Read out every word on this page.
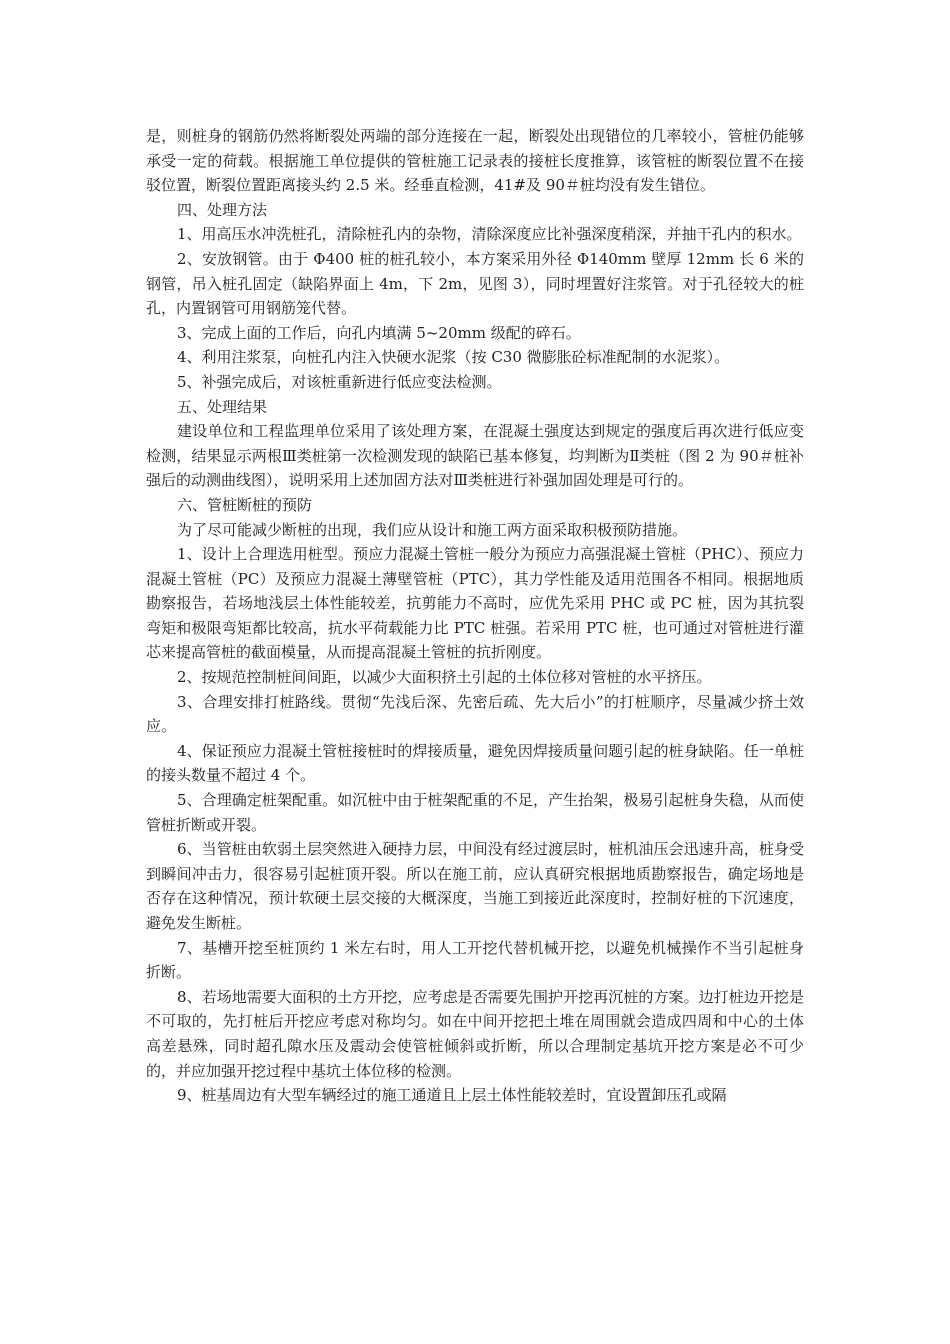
是，则桩身的钢筋仍然将断裂处两端的部分连接在一起，断裂处出现错位的几率较小，管桩仍能够承受一定的荷载。根据施工单位提供的管桩施工记录表的接桩长度推算，该管桩的断裂位置不在接驳位置，断裂位置距离接头约 2.5 米。经垂直检测，41#及 90＃桩均没有发生错位。

四、处理方法

1、用高压水冲洗桩孔，清除桩孔内的杂物，清除深度应比补强深度稍深，并抽干孔内的积水。

2、安放钢管。由于 Φ400 桩的桩孔较小，本方案采用外径 Φ140mm 壁厚 12mm 长 6 米的钢管，吊入桩孔固定（缺陷界面上 4m，下 2m，见图 3），同时埋置好注浆管。对于孔径较大的桩孔，内置钢管可用钢筋笼代替。

3、完成上面的工作后，向孔内填满 5~20mm 级配的碎石。

4、利用注浆泵，向桩孔内注入快硬水泥浆（按 C30 微膨胀砼标准配制的水泥浆）。

5、补强完成后，对该桩重新进行低应变法检测。

五、处理结果

建设单位和工程监理单位采用了该处理方案，在混凝土强度达到规定的强度后再次进行低应变检测，结果显示两根Ⅲ类桩第一次检测发现的缺陷已基本修复，均判断为Ⅱ类桩（图 2 为 90＃桩补强后的动测曲线图），说明采用上述加固方法对Ⅲ类桩进行补强加固处理是可行的。

六、管桩断桩的预防

为了尽可能减少断桩的出现，我们应从设计和施工两方面采取积极预防措施。

1、设计上合理选用桩型。预应力混凝土管桩一般分为预应力高强混凝土管桩（PHC）、预应力混凝土管桩（PC）及预应力混凝土薄壁管桩（PTC），其力学性能及适用范围各不相同。根据地质勘察报告，若场地浅层土体性能较差，抗剪能力不高时，应优先采用 PHC 或 PC 桩，因为其抗裂弯矩和极限弯矩都比较高，抗水平荷载能力比 PTC 桩强。若采用 PTC 桩，也可通过对管桩进行灌芯来提高管桩的截面模量，从而提高混凝土管桩的抗折刚度。

2、按规范控制桩间间距，以减少大面积挤土引起的土体位移对管桩的水平挤压。

3、合理安排打桩路线。贯彻“先浅后深、先密后疏、先大后小”的打桩顺序，尽量减少挤土效应。

4、保证预应力混凝土管桩接桩时的焊接质量，避免因焊接质量问题引起的桩身缺陷。任一单桩的接头数量不超过 4 个。

5、合理确定桩架配重。如沉桩中由于桩架配重的不足，产生抬架，极易引起桩身失稳，从而使管桩折断或开裂。

6、当管桩由软弱土层突然进入硬持力层，中间没有经过渡层时，桩机油压会迅速升高，桩身受到瞬间冲击力，很容易引起桩顶开裂。所以在施工前，应认真研究根据地质勘察报告，确定场地是否存在这种情况，预计软硬土层交接的大概深度，当施工到接近此深度时，控制好桩的下沉速度，避免发生断桩。

7、基槽开挖至桩顶约 1 米左右时，用人工开挖代替机械开挖，以避免机械操作不当引起桩身折断。

8、若场地需要大面积的土方开挖，应考虑是否需要先围护开挖再沉桩的方案。边打桩边开挖是不可取的，先打桩后开挖应考虑对称均匀。如在中间开挖把土堆在周围就会造成四周和中心的土体高差悬殊，同时超孔隙水压及震动会使管桩倾斜或折断，所以合理制定基坑开挖方案是必不可少的，并应加强开挖过程中基坑土体位移的检测。

9、桩基周边有大型车辆经过的施工通道且上层土体性能较差时，宜设置卸压孔或隔
